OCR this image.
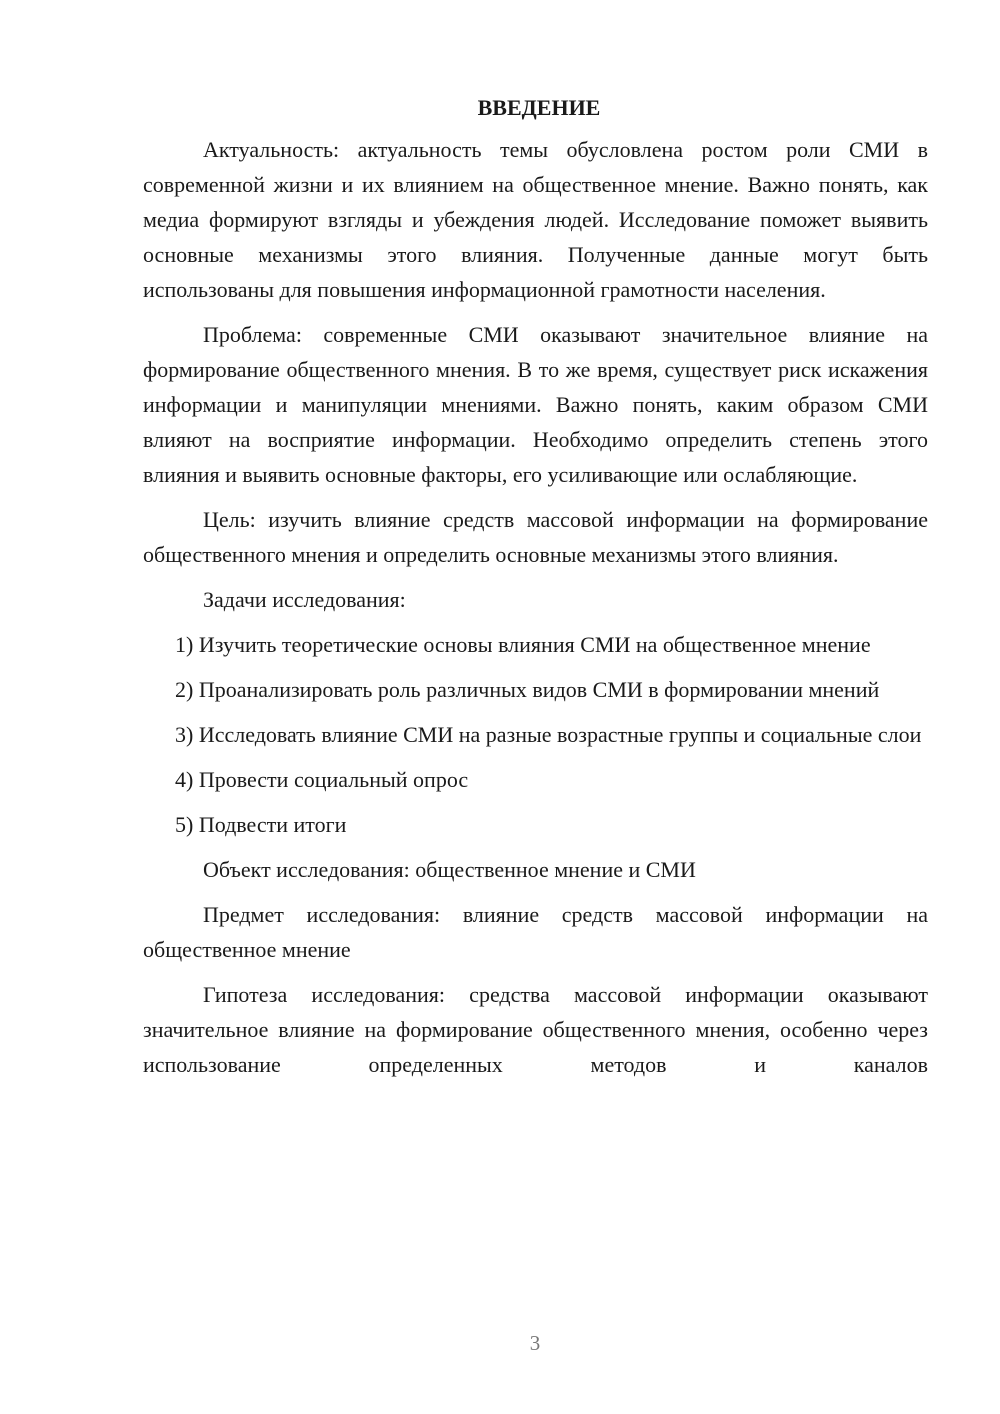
ВВЕДЕНИЕ

Актуальность: актуальность темы обусловлена ростом роли СМИ в современной жизни и их влиянием на общественное мнение. Важно понять, как медиа формируют взгляды и убеждения людей. Исследование поможет выявить основные механизмы этого влияния. Полученные данные могут быть использованы для повышения информационной грамотности населения.

Проблема: современные СМИ оказывают значительное влияние на формирование общественного мнения. В то же время, существует риск искажения информации и манипуляции мнениями. Важно понять, каким образом СМИ влияют на восприятие информации. Необходимо определить степень этого влияния и выявить основные факторы, его усиливающие или ослабляющие.

Цель: изучить влияние средств массовой информации на формирование общественного мнения и определить основные механизмы этого влияния.

Задачи исследования:

1) Изучить теоретические основы влияния СМИ на общественное мнение

2) Проанализировать роль различных видов СМИ в формировании мнений

3) Исследовать влияние СМИ на разные возрастные группы и социальные слои

4) Провести социальный опрос

5) Подвести итоги

Объект исследования: общественное мнение и СМИ

Предмет исследования: влияние средств массовой информации на общественное мнение

Гипотеза исследования: средства массовой информации оказывают значительное влияние на формирование общественного мнения, особенно через использование определенных методов и каналов

3
